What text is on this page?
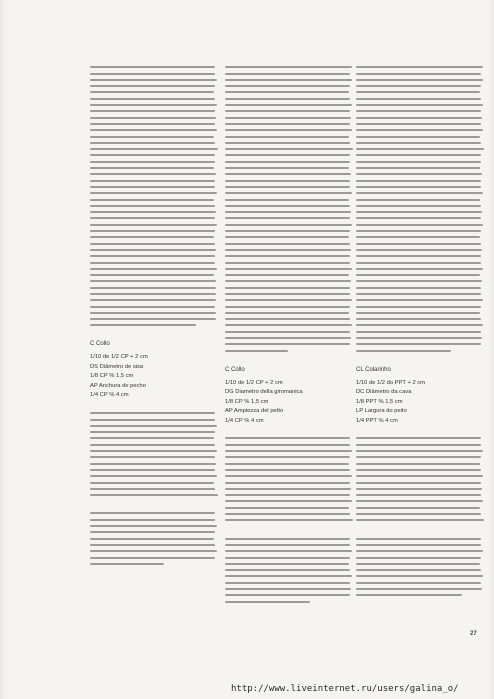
C Collo
1/10 de 1/2 CP + 2 cm
DS Diâmetro de sisa
1/8 CP % 1,5 cm
AP Anchura de pecho
1/4 CP % 4 cm
C Collo
1/10 de 1/2 CP + 2 cm
DG Diametro della giromanica
1/8 CP % 1,5 cm
AP Ampiezza del petto
1/4 CP % 4 cm
CL Colarinho
1/10 de 1/2 do PPT + 2 cm
DC Diâmetro da cava
1/8 PPT % 1,5 cm
LP Largura do peito
1/4 PPT % 4 cm
27
http://www.liveinternet.ru/users/galina_o/
